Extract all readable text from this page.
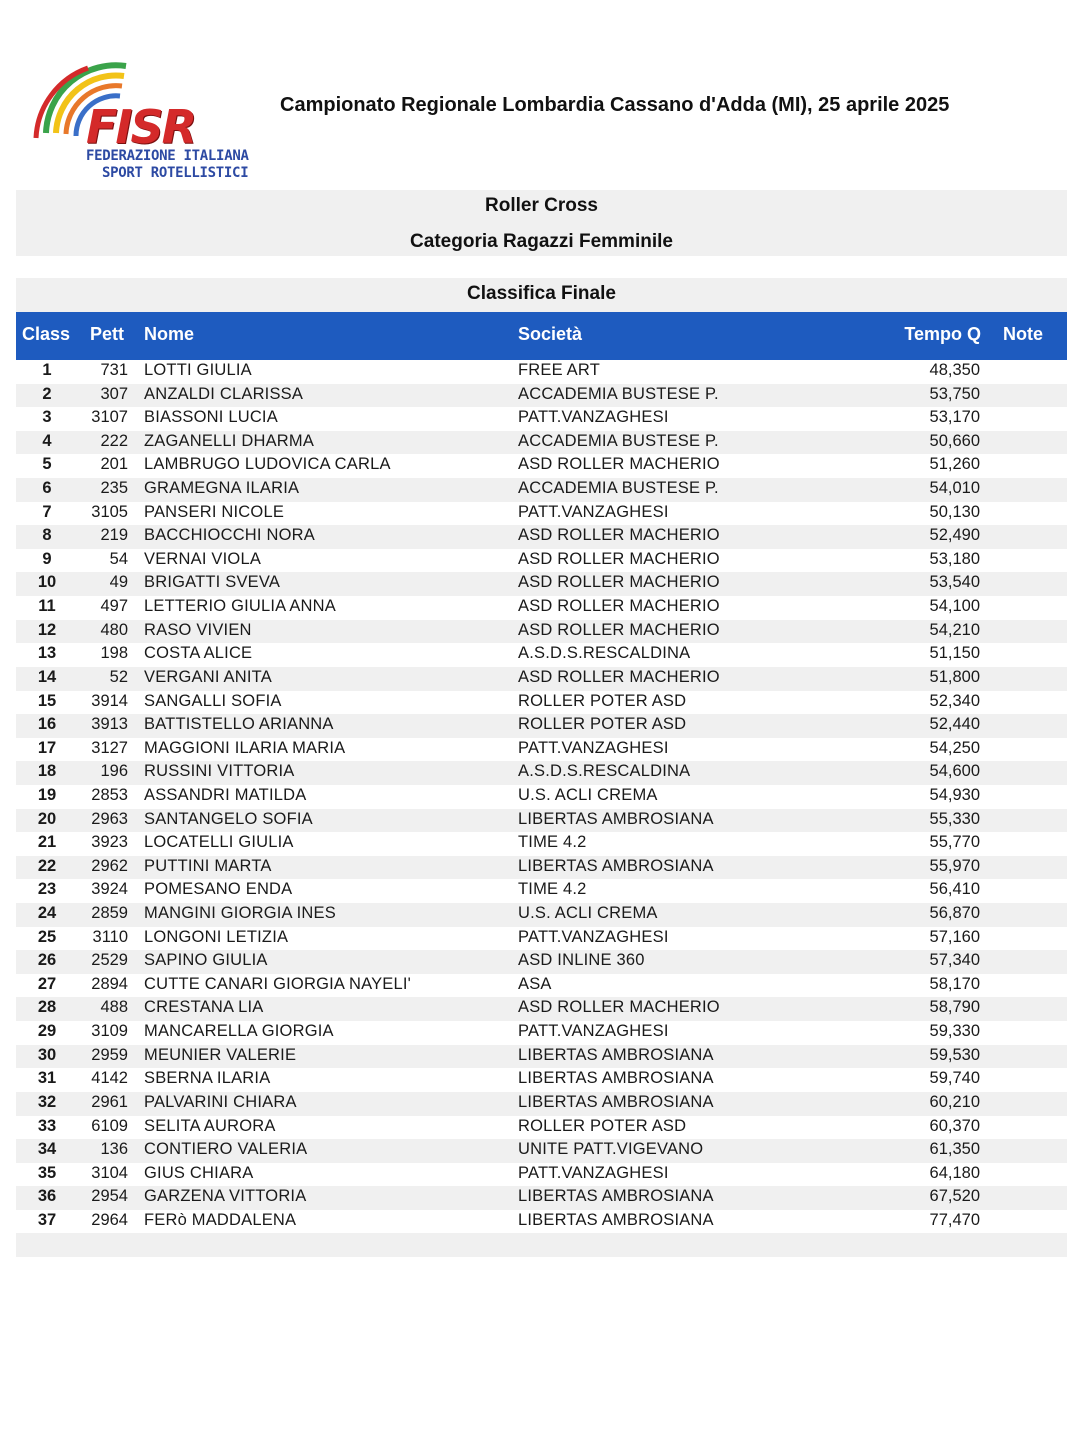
FISR
FEDERAZIONE ITALIANA
SPORT ROTELLISTICI
Campionato Regionale Lombardia Cassano d'Adda (MI), 25 aprile 2025
Roller Cross
Categoria Ragazzi Femminile
Classifica Finale
Class Pett Nome	Società	Tempo Q Note
1	731 LOTTI GIULIA	FREE ART	48,350
2	307 ANZALDI CLARISSA	ACCADEMIA BUSTESE P.	53,750
3	3107 BIASSONI LUCIA	PATT.VANZAGHESI	53,170
4	222 ZAGANELLI DHARMA	ACCADEMIA BUSTESE P.	50,660
5	201 LAMBRUGO LUDOVICA CARLA	ASD ROLLER MACHERIO	51,260
6	235 GRAMEGNA ILARIA	ACCADEMIA BUSTESE P.	54,010
7	3105 PANSERI NICOLE	PATT.VANZAGHESI	50,130
8	219 BACCHIOCCHI NORA	ASD ROLLER MACHERIO	52,490
9	54 VERNAI VIOLA	ASD ROLLER MACHERIO	53,180
10	49 BRIGATTI SVEVA	ASD ROLLER MACHERIO	53,540
11	497 LETTERIO GIULIA ANNA	ASD ROLLER MACHERIO	54,100
12	480 RASO VIVIEN	ASD ROLLER MACHERIO	54,210
13	198 COSTA ALICE	A.S.D.S.RESCALDINA	51,150
14	52 VERGANI ANITA	ASD ROLLER MACHERIO	51,800
15	3914 SANGALLI SOFIA	ROLLER POTER ASD	52,340
16	3913 BATTISTELLO ARIANNA	ROLLER POTER ASD	52,440
17	3127 MAGGIONI ILARIA MARIA	PATT.VANZAGHESI	54,250
18	196 RUSSINI VITTORIA	A.S.D.S.RESCALDINA	54,600
19	2853 ASSANDRI MATILDA	U.S. ACLI CREMA	54,930
20	2963 SANTANGELO SOFIA	LIBERTAS AMBROSIANA	55,330
21	3923 LOCATELLI GIULIA	TIME 4.2	55,770
22	2962 PUTTINI MARTA	LIBERTAS AMBROSIANA	55,970
23	3924 POMESANO ENDA	TIME 4.2	56,410
24	2859 MANGINI GIORGIA INES	U.S. ACLI CREMA	56,870
25	3110 LONGONI LETIZIA	PATT.VANZAGHESI	57,160
26	2529 SAPINO GIULIA	ASD INLINE 360	57,340
27	2894 CUTTE CANARI GIORGIA NAYELI'	ASA	58,170
28	488 CRESTANA LIA	ASD ROLLER MACHERIO	58,790
29	3109 MANCARELLA GIORGIA	PATT.VANZAGHESI	59,330
30	2959 MEUNIER VALERIE	LIBERTAS AMBROSIANA	59,530
31	4142 SBERNA ILARIA	LIBERTAS AMBROSIANA	59,740
32	2961 PALVARINI CHIARA	LIBERTAS AMBROSIANA	60,210
33	6109 SELITA AURORA	ROLLER POTER ASD	60,370
34	136 CONTIERO VALERIA	UNITE PATT.VIGEVANO	61,350
35	3104 GIUS CHIARA	PATT.VANZAGHESI	64,180
36	2954 GARZENA VITTORIA	LIBERTAS AMBROSIANA	67,520
37	2964 FERò MADDALENA	LIBERTAS AMBROSIANA	77,470
